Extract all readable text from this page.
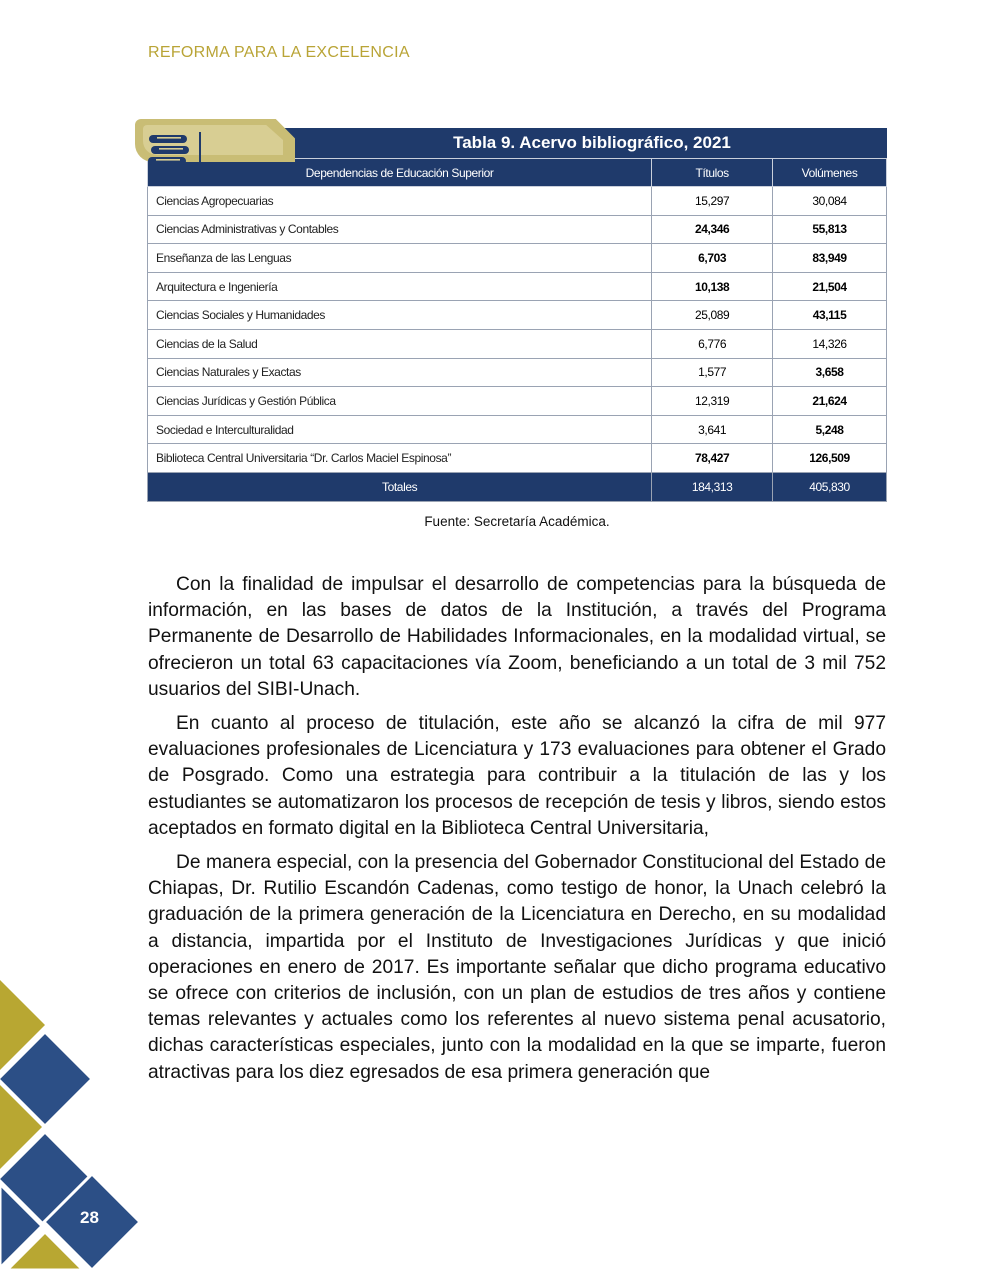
REFORMA PARA LA EXCELENCIA
Tabla 9. Acervo bibliográfico, 2021
Dependencias de Educación Superior	Títulos	Volúmenes
Ciencias Agropecuarias	15,297	30,084
Ciencias Administrativas y Contables	24,346	55,813
Enseñanza de las Lenguas	6,703	83,949
Arquitectura e Ingeniería	10,138	21,504
Ciencias Sociales y Humanidades	25,089	43,115
Ciencias de la Salud	6,776	14,326
Ciencias Naturales y Exactas	1,577	3,658
Ciencias Jurídicas y Gestión Pública	12,319	21,624
Sociedad e Interculturalidad	3,641	5,248
Biblioteca Central Universitaria “Dr. Carlos Maciel Espinosa”	78,427	126,509
Totales	184,313	405,830
Fuente: Secretaría Académica.

Con la finalidad de impulsar el desarrollo de competencias para la búsqueda de información, en las bases de datos de la Institución, a través del Programa Permanente de Desarrollo de Habilidades Informacionales, en la modalidad virtual, se ofrecieron un total 63 capacitaciones vía Zoom, beneficiando a un total de 3 mil 752 usuarios del SIBI-Unach.

En cuanto al proceso de titulación, este año se alcanzó la cifra de mil 977 evaluaciones profesionales de Licenciatura y 173 evaluaciones para obtener el Grado de Posgrado. Como una estrategia para contribuir a la titulación de las y los estudiantes se automatizaron los procesos de recepción de tesis y libros, siendo estos aceptados en formato digital en la Biblioteca Central Universitaria,

De manera especial, con la presencia del Gobernador Constitucional del Estado de Chiapas, Dr. Rutilio Escandón Cadenas, como testigo de honor, la Unach celebró la graduación de la primera generación de la Licenciatura en Derecho, en su modalidad a distancia, impartida por el Instituto de Investigaciones Jurídicas y que inició operaciones en enero de 2017. Es importante señalar que dicho programa educativo se ofrece con criterios de inclusión, con un plan de estudios de tres años y contiene temas relevantes y actuales como los referentes al nuevo sistema penal acusatorio, dichas características especiales, junto con la modalidad en la que se imparte, fueron atractivas para los diez egresados de esa primera generación que

28
